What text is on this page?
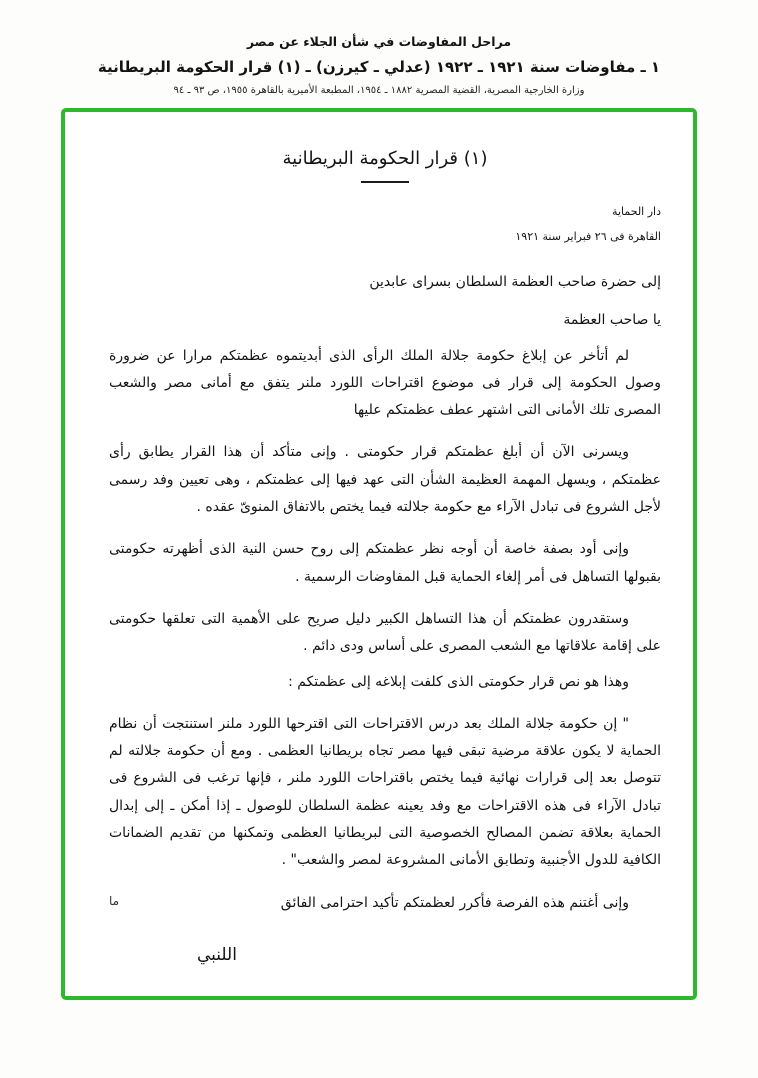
مراحل المفاوضات في شأن الجلاء عن مصر
١ ـ مفاوضات سنة ١٩٢١ ـ ١٩٢٢ (عدلي ـ كيرزن) ـ (١) قرار الحكومة البريطانية
وزارة الخارجية المصرية، القضية المصرية ١٨٨٢ ـ ١٩٥٤، المطبعة الأميرية بالقاهرة ١٩٥٥، ص ٩٣ ـ ٩٤
(١) قرار الحكومة البريطانية
دار الحماية
القاهرة فى ٢٦ فبراير سنة ١٩٢١
إلى حضرة صاحب العظمة السلطان بسراى عابدين
يا صاحب العظمة

لم أتأخر عن إبلاغ حكومة جلالة الملك الرأى الذى أبديتموه عظمتكم مرارا عن ضرورة وصول الحكومة إلى قرار فى موضوع اقتراحات اللورد ملنر يتفق مع أمانى مصر والشعب المصرى تلك الأمانى التى اشتهر عطف عظمتكم عليها

ويسرنى الآن أن أبلغ عظمتكم قرار حكومتى . وإنى متأكد أن هذا القرار يطابق رأى عظمتكم ، ويسهل المهمة العظيمة الشأن التى عهد فيها إلى عظمتكم ، وهى تعيين وفد رسمى لأجل الشروع فى تبادل الآراء مع حكومة جلالته فيما يختص بالاتفاق المنوىّ عقده .

وإنى أود بصفة خاصة أن أوجه نظر عظمتكم إلى روح حسن النية الذى أظهرته حكومتى بقبولها التساهل فى أمر إلغاء الحماية قبل المفاوضات الرسمية .

وستقدرون عظمتكم أن هذا التساهل الكبير دليل صريح على الأهمية التى تعلقها حكومتى على إقامة علاقاتها مع الشعب المصرى على أساس ودى دائم .

وهذا هو نص قرار حكومتى الذى كلفت إبلاغه إلى عظمتكم :

" إن حكومة جلالة الملك بعد درس الاقتراحات التى اقترحها اللورد ملنر استنتجت أن نظام الحماية لا يكون علاقة مرضية تبقى فيها مصر تجاه بريطانيا العظمى . ومع أن حكومة جلالته لم تتوصل بعد إلى قرارات نهائية فيما يختص باقتراحات اللورد ملنر ، فإنها ترغب فى الشروع فى تبادل الآراء فى هذه الاقتراحات مع وفد يعينه عظمة السلطان للوصول ـ إذا أمكن ـ إلى إبدال الحماية بعلاقة تضمن المصالح الخصوصية التى لبريطانيا العظمى وتمكنها من تقديم الضمانات الكافية للدول الأجنبية وتطابق الأمانى المشروعة لمصر والشعب" .

وإنى أغتنم هذه الفرصة فأكرر لعظمتكم تأكيد احترامى الفائق
ما

اللنبي
